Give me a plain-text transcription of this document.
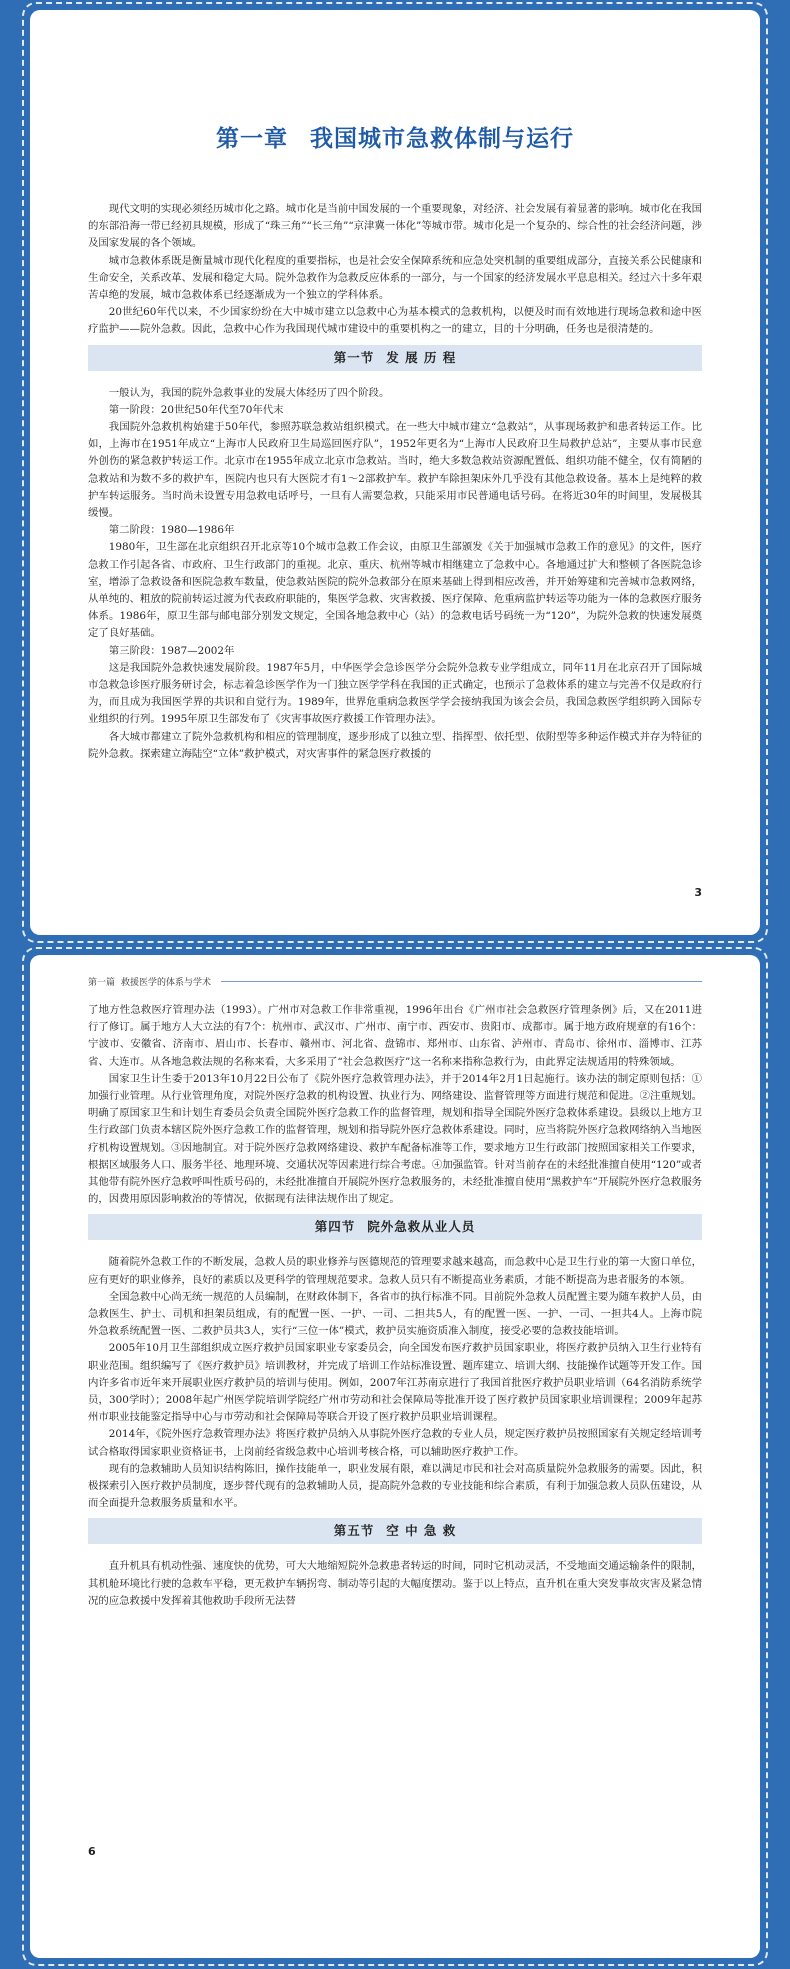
第一章 我国城市急救体制与运行

现代文明的实现必须经历城市化之路。城市化是当前中国发展的一个重要现象，对经济、社会发展有着显著的影响。城市化在我国的东部沿海一带已经初具规模，形成了“珠三角”“长三角”“京津冀一体化”等城市带。城市化是一个复杂的、综合性的社会经济问题，涉及国家发展的各个领域。

城市急救体系既是衡量城市现代化程度的重要指标，也是社会安全保障系统和应急处突机制的重要组成部分，直接关系公民健康和生命安全，关系改革、发展和稳定大局。院外急救作为急救反应体系的一部分，与一个国家的经济发展水平息息相关。经过六十多年艰苦卓绝的发展，城市急救体系已经逐渐成为一个独立的学科体系。

20世纪60年代以来，不少国家纷纷在大中城市建立以急救中心为基本模式的急救机构，以便及时而有效地进行现场急救和途中医疗监护——院外急救。因此，急救中心作为我国现代城市建设中的重要机构之一的建立，目的十分明确，任务也是很清楚的。

第一节 发 展 历 程

一般认为，我国的院外急救事业的发展大体经历了四个阶段。

第一阶段：20世纪50年代至70年代末

我国院外急救机构始建于50年代，参照苏联急救站组织模式。在一些大中城市建立“急救站”，从事现场救护和患者转运工作。比如，上海市在1951年成立“上海市人民政府卫生局巡回医疗队”，1952年更名为“上海市人民政府卫生局救护总站”，主要从事市民意外创伤的紧急救护转运工作。北京市在1955年成立北京市急救站。当时，绝大多数急救站资源配置低、组织功能不健全，仅有简陋的急救站和为数不多的救护车，医院内也只有大医院才有1～2部救护车。救护车除担架床外几乎没有其他急救设备。基本上是纯粹的救护车转运服务。当时尚未设置专用急救电话呼号，一旦有人需要急救，只能采用市民普通电话号码。在将近30年的时间里，发展极其缓慢。

第二阶段：1980—1986年

1980年，卫生部在北京组织召开北京等10个城市急救工作会议，由原卫生部颁发《关于加强城市急救工作的意见》的文件，医疗急救工作引起各省、市政府、卫生行政部门的重视。北京、重庆、杭州等城市相继建立了急救中心。各地通过扩大和整顿了各医院急诊室，增添了急救设备和医院急救车数量，使急救站医院的院外急救部分在原来基础上得到相应改善，并开始筹建和完善城市急救网络，从单纯的、粗放的院前转运过渡为代表政府职能的，集医学急救、灾害救援、医疗保障、危重病监护转运等功能为一体的急救医疗服务体系。1986年，原卫生部与邮电部分别发文规定，全国各地急救中心（站）的急救电话号码统一为“120”，为院外急救的快速发展奠定了良好基础。

第三阶段：1987—2002年

这是我国院外急救快速发展阶段。1987年5月，中华医学会急诊医学分会院外急救专业学组成立，同年11月在北京召开了国际城市急救急诊医疗服务研讨会，标志着急诊医学作为一门独立医学学科在我国的正式确定，也预示了急救体系的建立与完善不仅是政府行为，而且成为我国医学界的共识和自觉行为。1989年，世界危重病急救医学学会接纳我国为该会会员，我国急救医学组织跨入国际专业组织的行列。1995年原卫生部发布了《灾害事故医疗救援工作管理办法》。

各大城市都建立了院外急救机构和相应的管理制度，逐步形成了以独立型、指挥型、依托型、依附型等多种运作模式并存为特征的院外急救。探索建立海陆空“立体”救护模式，对灾害事件的紧急医疗救援的

3
第一篇 救援医学的体系与学术

了地方性急救医疗管理办法（1993）。广州市对急救工作非常重视，1996年出台《广州市社会急救医疗管理条例》后，又在2011进行了修订。属于地方人大立法的有7个：杭州市、武汉市、广州市、南宁市、西安市、贵阳市、成都市。属于地方政府规章的有16个：宁波市、安徽省、济南市、眉山市、长春市、赣州市、河北省、盘锦市、郑州市、山东省、泸州市、青岛市、徐州市、淄博市、江苏省、大连市。从各地急救法规的名称来看，大多采用了“社会急救医疗”这一名称来指称急救行为，由此界定法规适用的特殊领域。

国家卫生计生委于2013年10月22日公布了《院外医疗急救管理办法》，并于2014年2月1日起施行。该办法的制定原则包括：①加强行业管理。从行业管理角度，对院外医疗急救的机构设置、执业行为、网络建设、监督管理等方面进行规范和促进。②注重规划。明确了原国家卫生和计划生育委员会负责全国院外医疗急救工作的监督管理，规划和指导全国院外医疗急救体系建设。县级以上地方卫生行政部门负责本辖区院外医疗急救工作的监督管理，规划和指导院外医疗急救体系建设。同时，应当将院外医疗急救网络纳入当地医疗机构设置规划。③因地制宜。对于院外医疗急救网络建设、救护车配备标准等工作，要求地方卫生行政部门按照国家相关工作要求，根据区域服务人口、服务半径、地理环境、交通状况等因素进行综合考虑。④加强监管。针对当前存在的未经批准擅自使用“120”或者其他带有院外医疗急救呼叫性质号码的，未经批准擅自开展院外医疗急救服务的，未经批准擅自使用“黑救护车”开展院外医疗急救服务的，因费用原因影响救治的等情况，依据现有法律法规作出了规定。

第四节 院外急救从业人员

随着院外急救工作的不断发展，急救人员的职业修养与医德规范的管理要求越来越高，而急救中心是卫生行业的第一大窗口单位，应有更好的职业修养，良好的素质以及更科学的管理规范要求。急救人员只有不断提高业务素质，才能不断提高为患者服务的本领。

全国急救中心尚无统一规范的人员编制，在财政体制下，各省市的执行标准不同。目前院外急救人员配置主要为随车救护人员，由急救医生、护士、司机和担架员组成，有的配置一医、一护、一司、二担共5人，有的配置一医、一护、一司、一担共4人。上海市院外急救系统配置一医、二救护员共3人，实行“三位一体”模式，救护员实施资质准入制度，接受必要的急救技能培训。

2005年10月卫生部组织成立医疗救护员国家职业专家委员会，向全国发布医疗救护员国家职业，将医疗救护员纳入卫生行业特有职业范围。组织编写了《医疗救护员》培训教材，并完成了培训工作站标准设置、题库建立、培训大纲、技能操作试题等开发工作。国内许多省市近年来开展职业医疗救护员的培训与使用。例如，2007年江苏南京进行了我国首批医疗救护员职业培训（64名消防系统学员，300学时）；2008年起广州医学院培训学院经广州市劳动和社会保障局等批准开设了医疗救护员国家职业培训课程；2009年起苏州市职业技能鉴定指导中心与市劳动和社会保障局等联合开设了医疗救护员职业培训课程。

2014年，《院外医疗急救管理办法》将医疗救护员纳入从事院外医疗急救的专业人员，规定医疗救护员按照国家有关规定经培训考试合格取得国家职业资格证书，上岗前经省级急救中心培训考核合格，可以辅助医疗救护工作。

现有的急救辅助人员知识结构陈旧，操作技能单一，职业发展有限，难以满足市民和社会对高质量院外急救服务的需要。因此，积极探索引入医疗救护员制度，逐步替代现有的急救辅助人员，提高院外急救的专业技能和综合素质，有利于加强急救人员队伍建设，从而全面提升急救服务质量和水平。

第五节 空 中 急 救

直升机具有机动性强、速度快的优势，可大大地缩短院外急救患者转运的时间，同时它机动灵活，不受地面交通运输条件的限制，其机舱环境比行驶的急救车平稳，更无救护车辆拐弯、制动等引起的大幅度摆动。鉴于以上特点，直升机在重大突发事故灾害及紧急情况的应急救援中发挥着其他救助手段所无法替

6
